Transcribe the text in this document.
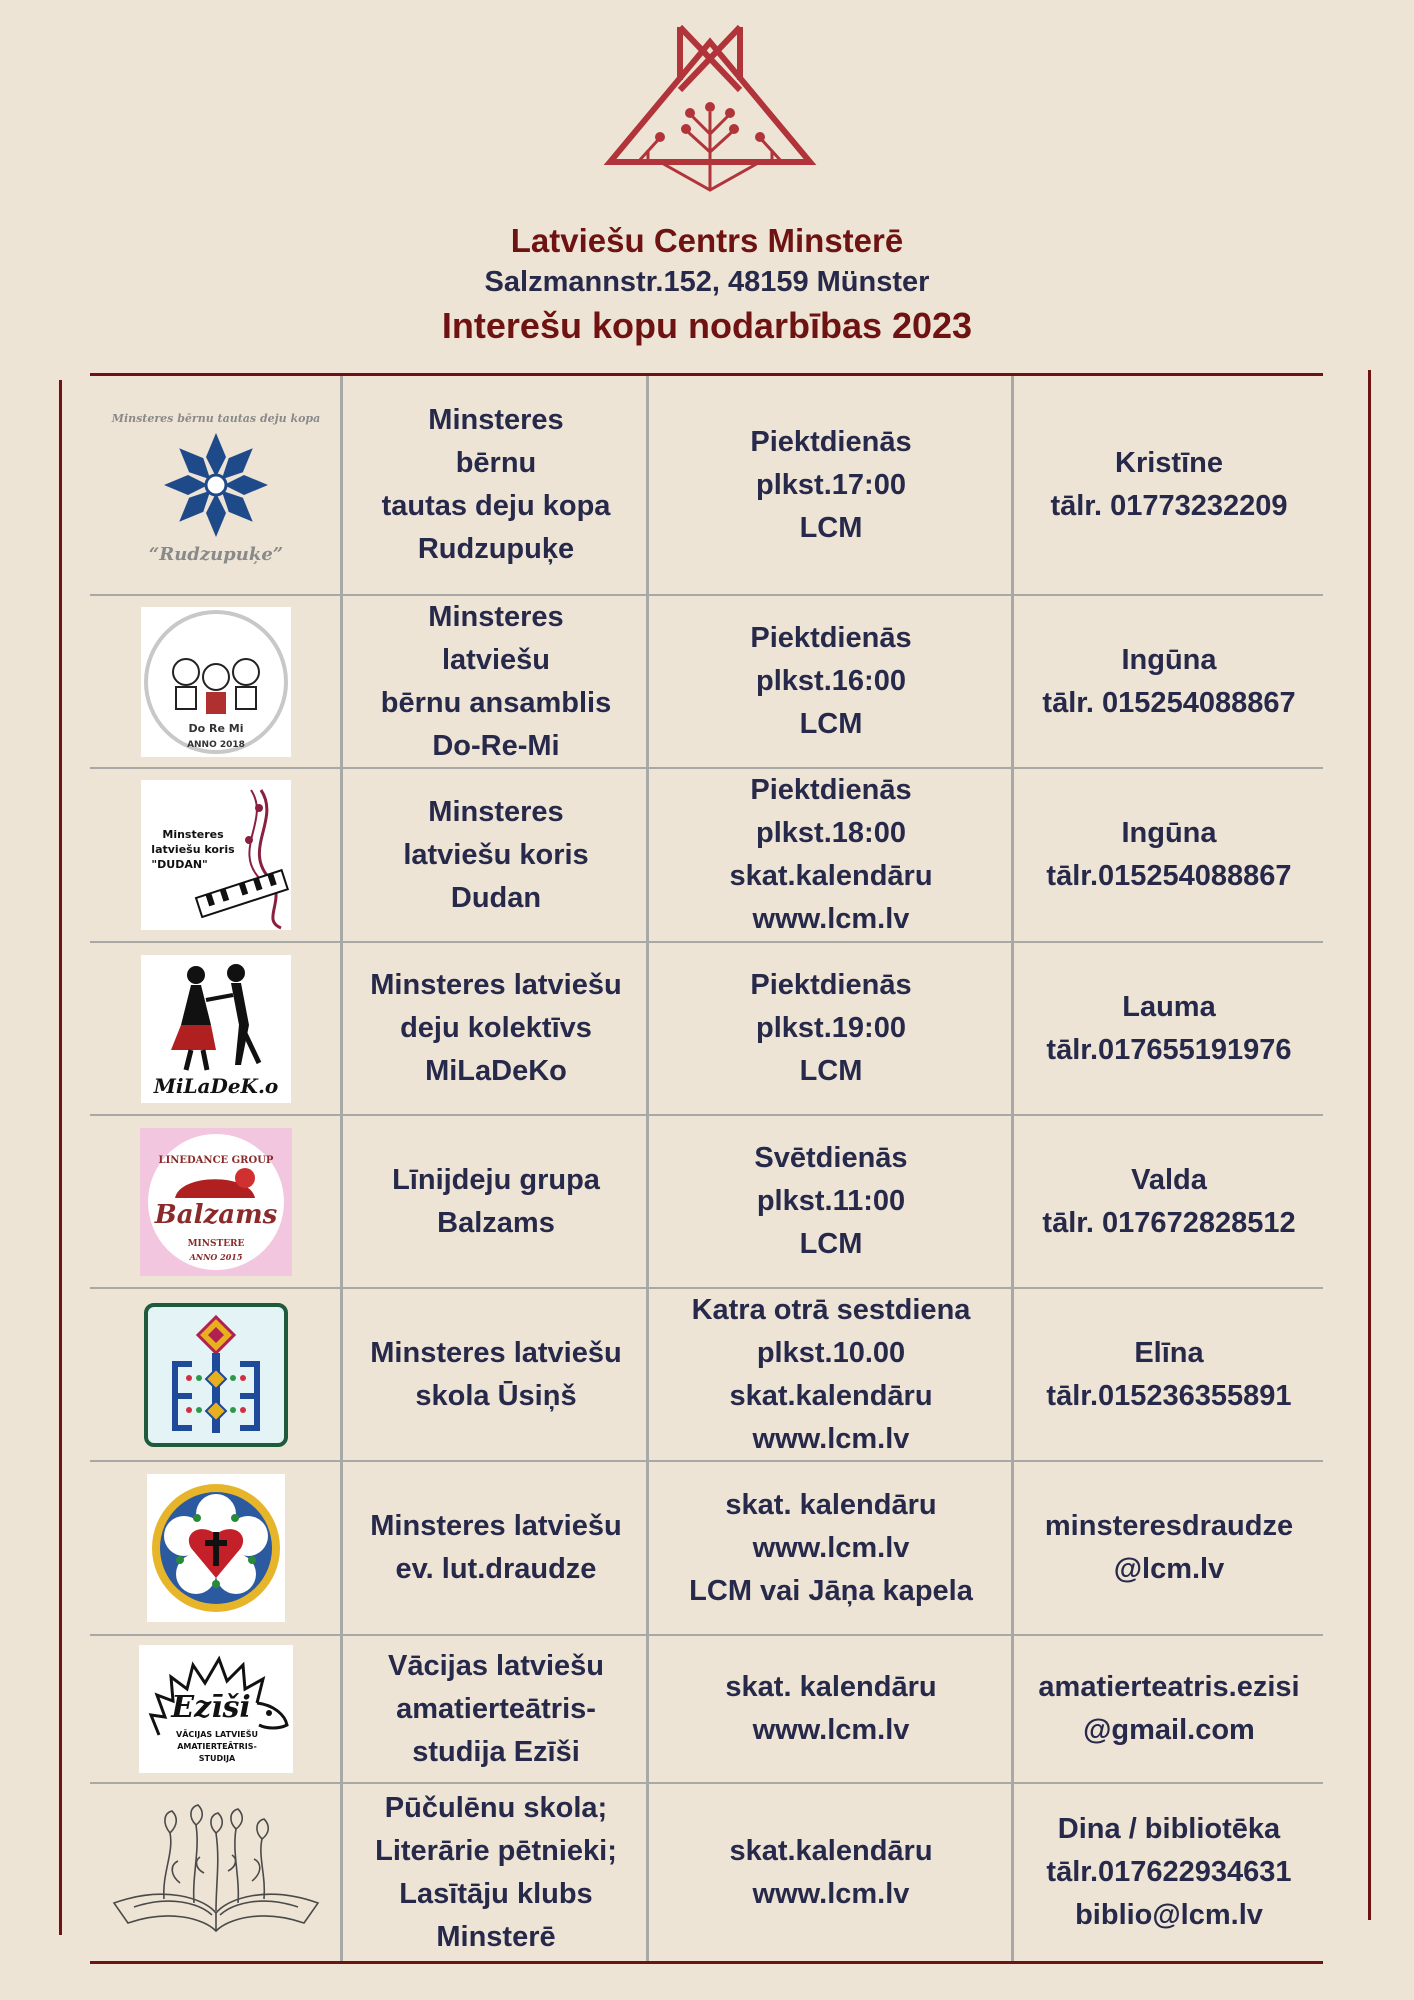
Latviešu Centrs Minsterē
Salzmannstr.152, 48159 Münster
Interešu kopu nodarbības 2023
Minsteres bērnu tautas deju kopa
“Rudzupuķe”
Minsteres
bērnu
tautas deju kopa
Rudzupuķe
Piektdienās
plkst.17:00
LCM
Kristīne
tālr. 01773232209
Do Re Mi
ANNO 2018
Minsteres
latviešu
bērnu ansamblis
Do-Re-Mi
Piektdienās
plkst.16:00
LCM
Ingūna
tālr. 015254088867
Minsteres latviešu koris "DUDAN"
Minsteres
latviešu koris
Dudan
Piektdienās
plkst.18:00
skat.kalendāru
www.lcm.lv
Ingūna
tālr.015254088867
MiLaDeK.o
Minsteres latviešu
deju kolektīvs
MiLaDeKo
Piektdienās
plkst.19:00
LCM
Lauma
tālr.017655191976
LINEDANCE GROUP
Balzams
MINSTERE
ANNO 2015
Līnijdeju grupa
Balzams
Svētdienās
plkst.11:00
LCM
Valda
tālr. 017672828512
Minsteres latviešu
skola Ūsiņš
Katra otrā sestdiena
plkst.10.00
skat.kalendāru
www.lcm.lv
Elīna
tālr.015236355891
Minsteres latviešu
ev. lut.draudze
skat. kalendāru
www.lcm.lv
LCM vai Jāņa kapela
minsteresdraudze
@lcm.lv
Ezīši
VĀCIJAS LATVIEŠU AMATIERTEĀTRIS-STUDIJA
Vācijas latviešu
amatierteātris-
studija Ezīši
skat. kalendāru
www.lcm.lv
amatierteatris.ezisi
@gmail.com
Pūčulēnu skola;
Literārie pētnieki;
Lasītāju klubs
Minsterē
skat.kalendāru
www.lcm.lv
Dina / bibliotēka
tālr.017622934631
biblio@lcm.lv
